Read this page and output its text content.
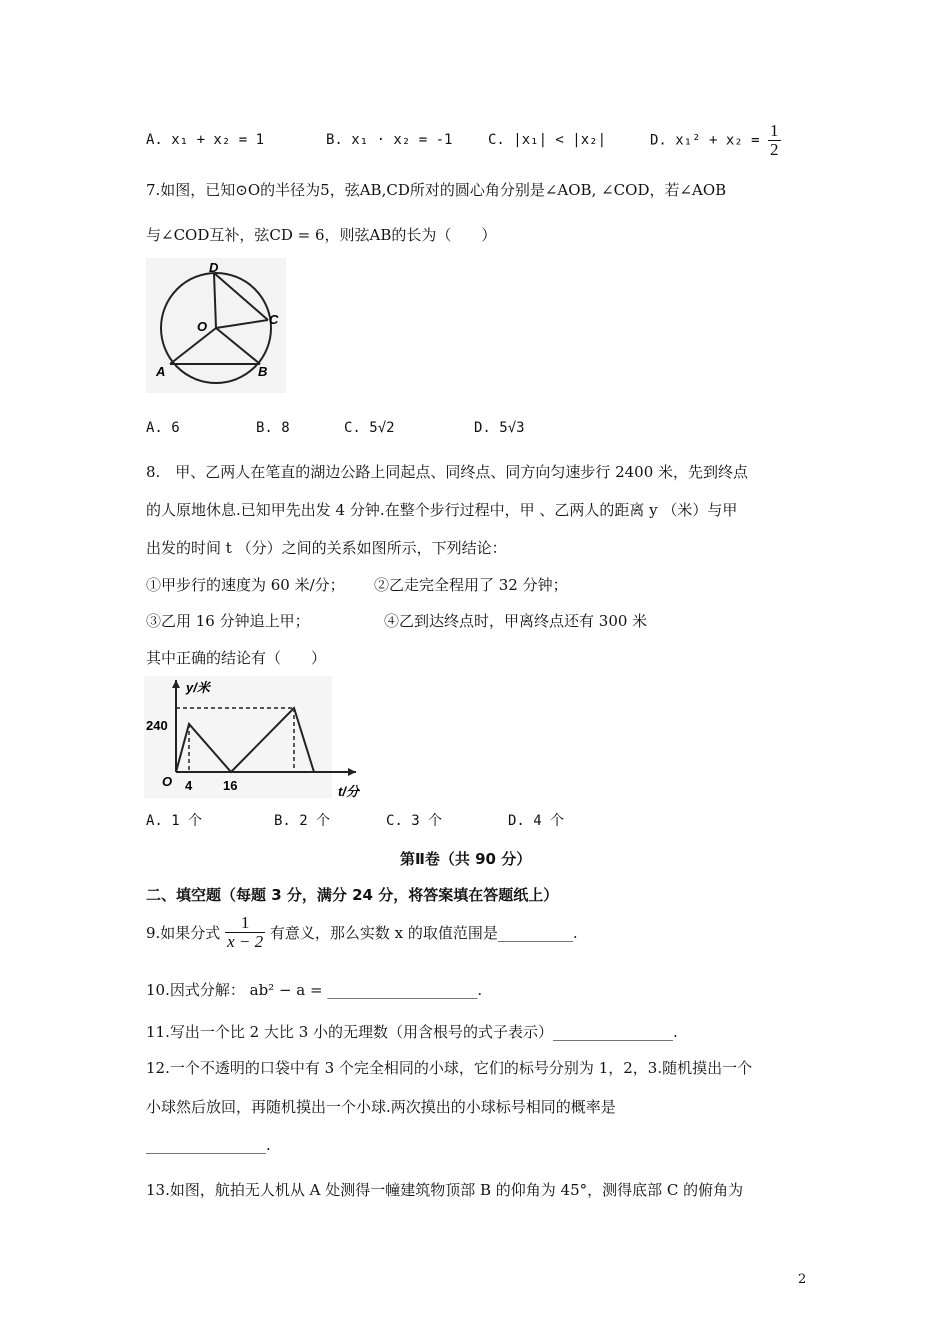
A. x₁ + x₂ = 1	B. x₁ · x₂ = -1	C. |x₁| < |x₂|	D. $x_1^2 + x_2 = \frac{1}{2}$
7.如图，已知⊙O的半径为5，弦AB,CD所对的圆心角分别是∠AOB, ∠COD，若∠AOB
与∠COD互补，弦CD = 6，则弦AB的长为（　　）
D
C
O
A	B
A. 6	B. 8	C. 5√2	D. 5√3
8.　甲、乙两人在笔直的湖边公路上同起点、同终点、同方向匀速步行 2400 米，先到终点
的人原地休息.已知甲先出发 4 分钟.在整个步行过程中，甲 、乙两人的距离 y （米）与甲
出发的时间 t （分）之间的关系如图所示，下列结论：
①甲步行的速度为 60 米/分； ②乙走完全程用了 32 分钟；
③乙用 16 分钟追上甲；	④乙到达终点时，甲离终点还有 300 米
其中正确的结论有（　　）
y/米
240
O 4 16	t/分
A. 1 个	B. 2 个	C. 3 个	D. 4 个
第Ⅱ卷（共 90 分）
二、填空题（每题 3 分，满分 24 分，将答案填在答题纸上）
9.如果分式 $\frac{1}{x - 2}$ 有意义，那么实数 x 的取值范围是__________.
10.因式分解： ab² − a = ____________________.
11.写出一个比 2 大比 3 小的无理数（用含根号的式子表示）________________.
12.一个不透明的口袋中有 3 个完全相同的小球，它们的标号分别为 1，2，3.随机摸出一个
小球然后放回，再随机摸出一个小球.两次摸出的小球标号相同的概率是
________________.
13.如图，航拍无人机从 A 处测得一幢建筑物顶部 B 的仰角为 45°，测得底部 C 的俯角为
2
